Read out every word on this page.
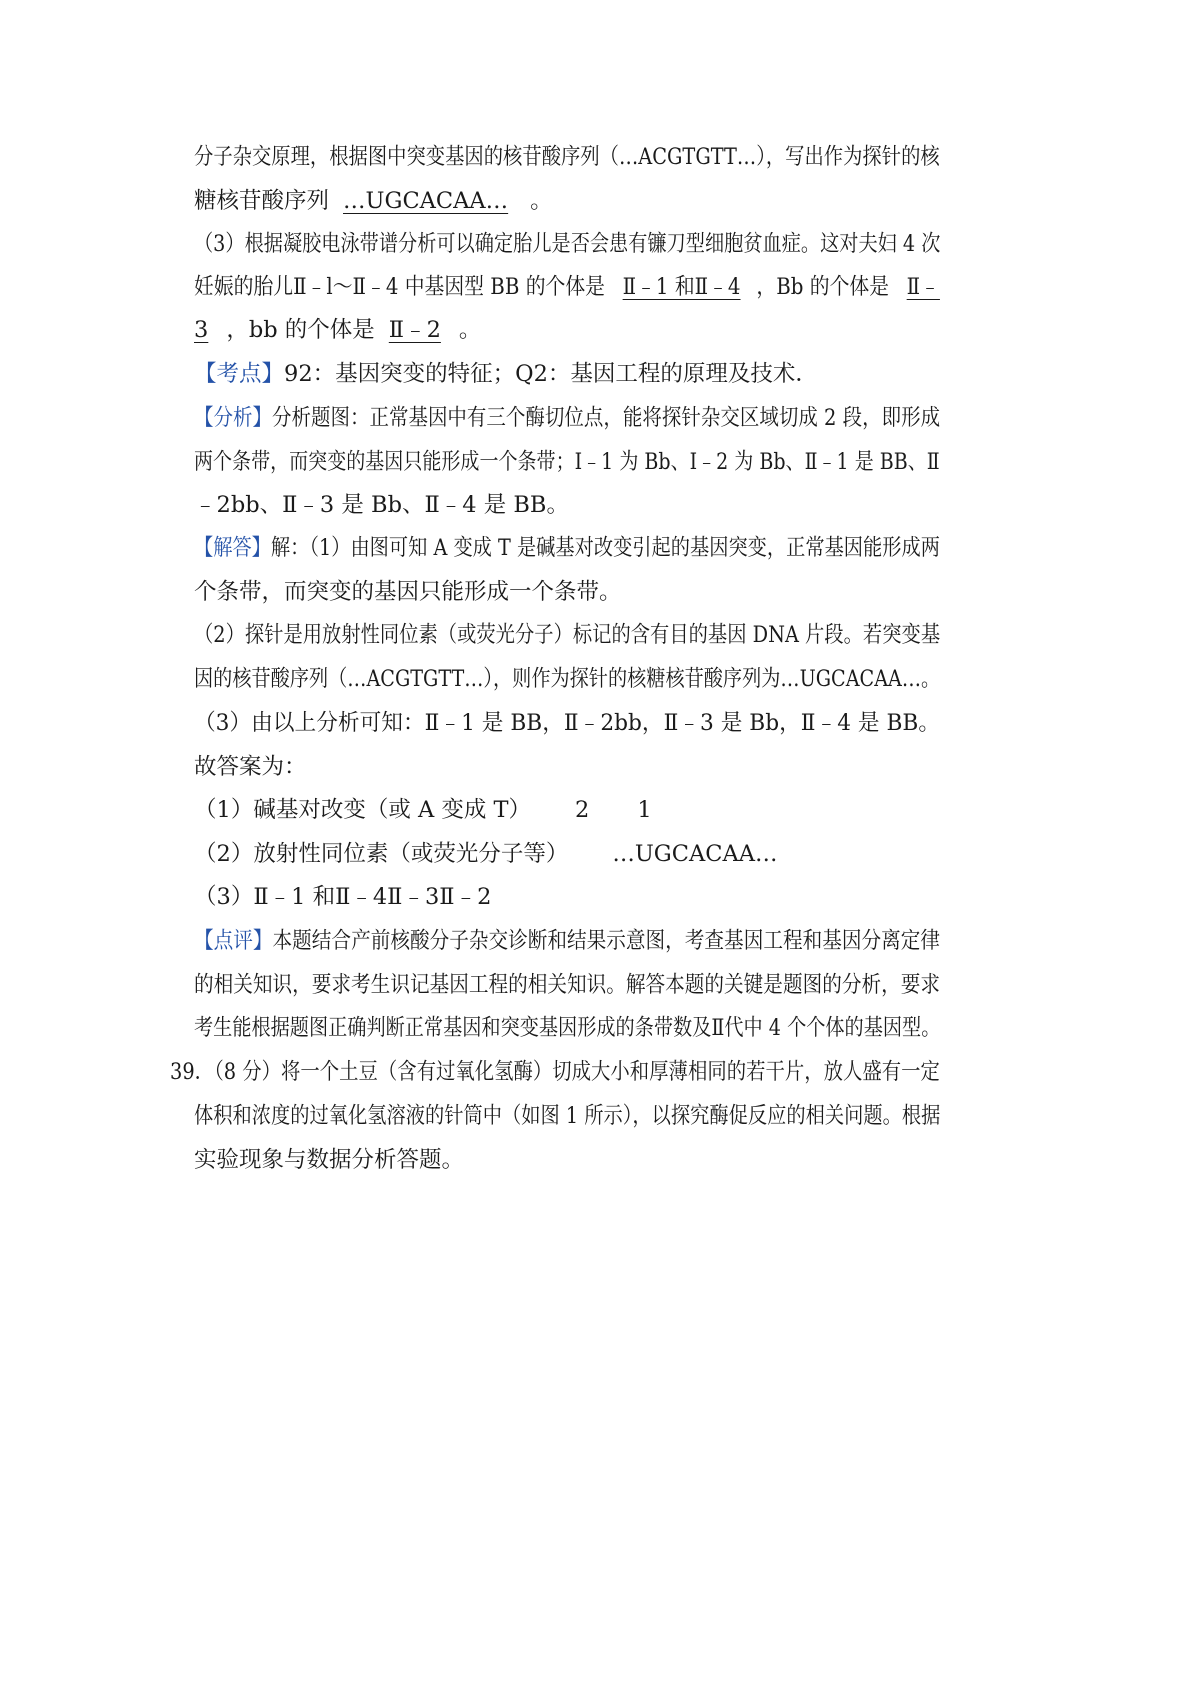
分子杂交原理，根据图中突变基因的核苷酸序列（…ACGTGTT…），写出作为探针的核
糖核苷酸序列 …UGCACAA… 。
（3）根据凝胶电泳带谱分析可以确定胎儿是否会患有镰刀型细胞贫血症。这对夫妇 4 次
妊娠的胎儿Ⅱ﹣l～Ⅱ﹣4 中基因型 BB 的个体是 Ⅱ﹣1 和Ⅱ﹣4 ，Bb 的个体是 Ⅱ﹣
3 ，bb 的个体是 Ⅱ﹣2 。
【考点】92：基因突变的特征；Q2：基因工程的原理及技术．
【分析】分析题图：正常基因中有三个酶切位点，能将探针杂交区域切成 2 段，即形成
两个条带，而突变的基因只能形成一个条带；Ⅰ﹣1 为 Bb、Ⅰ﹣2 为 Bb、Ⅱ﹣1 是 BB、Ⅱ
﹣2bb、Ⅱ﹣3 是 Bb、Ⅱ﹣4 是 BB。
【解答】解：（1）由图可知 A 变成 T 是碱基对改变引起的基因突变，正常基因能形成两
个条带，而突变的基因只能形成一个条带。
（2）探针是用放射性同位素（或荧光分子）标记的含有目的基因 DNA 片段。若突变基
因的核苷酸序列（…ACGTGTT…），则作为探针的核糖核苷酸序列为…UGCACAA…。
（3）由以上分析可知：Ⅱ﹣1 是 BB，Ⅱ﹣2bb，Ⅱ﹣3 是 Bb，Ⅱ﹣4 是 BB。
故答案为：
（1）碱基对改变（或 A 变成 T） 2 1
（2）放射性同位素（或荧光分子等） …UGCACAA…
（3）Ⅱ﹣1 和Ⅱ﹣4Ⅱ﹣3Ⅱ﹣2
【点评】本题结合产前核酸分子杂交诊断和结果示意图，考查基因工程和基因分离定律
的相关知识，要求考生识记基因工程的相关知识。解答本题的关键是题图的分析，要求
考生能根据题图正确判断正常基因和突变基因形成的条带数及Ⅱ代中 4 个个体的基因型。
39．（8 分）将一个土豆（含有过氧化氢酶）切成大小和厚薄相同的若干片，放人盛有一定
体积和浓度的过氧化氢溶液的针筒中（如图 1 所示），以探究酶促反应的相关问题。根据
实验现象与数据分析答题。
